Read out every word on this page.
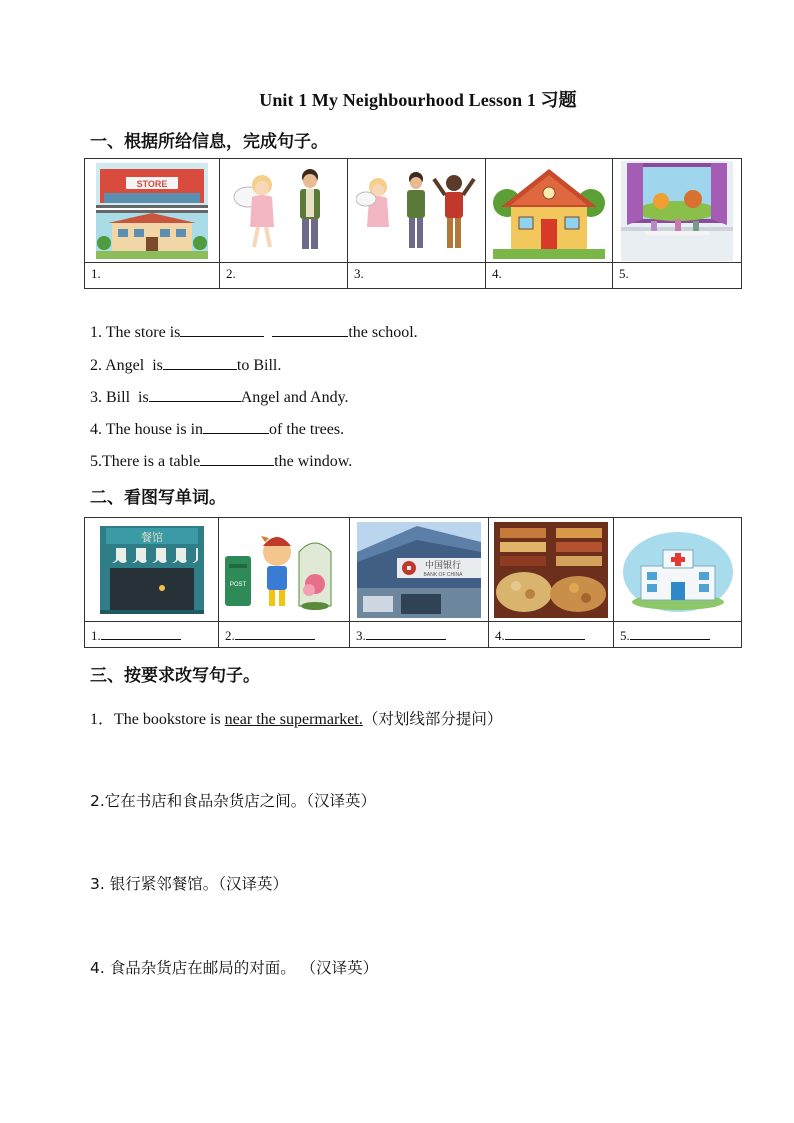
Unit 1 My Neighbourhood Lesson 1 习题
一、根据所给信息，完成句子。
STORE

1.	2.	3.	4.	5.
1. The store is	the school.
2. Angel  is	to Bill.
3. Bill  is	Angel and Andy.
4. The house is in	of the trees.
5.There is a table	the window.
二、看图写单词。
餐馆	POST	中国银行
BANK OF CHINA

1.	2.	3.	4.	5.
三、按要求改写句子。
1．The bookstore is near the supermarket.（对划线部分提问）
2.它在书店和食品杂货店之间。（汉译英）
3. 银行紧邻餐馆。（汉译英）
4. 食品杂货店在邮局的对面。 （汉译英）
